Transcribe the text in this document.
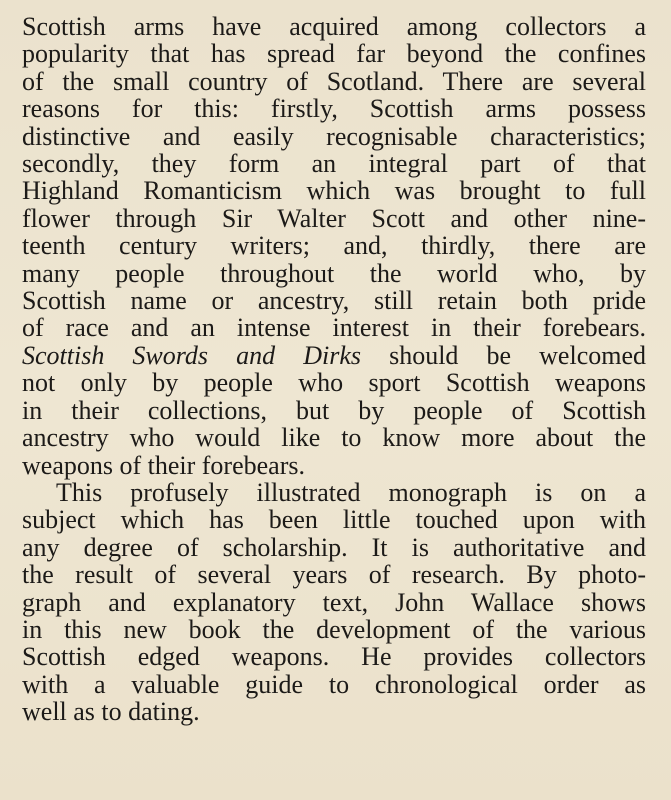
Scottish arms have acquired among collectors a
popularity that has spread far beyond the confines
of the small country of Scotland. There are several
reasons for this: firstly, Scottish arms possess
distinctive and easily recognisable characteristics;
secondly, they form an integral part of that
Highland Romanticism which was brought to full
flower through Sir Walter Scott and other nine-
teenth century writers; and, thirdly, there are
many people throughout the world who, by
Scottish name or ancestry, still retain both pride
of race and an intense interest in their forebears.
Scottish Swords and Dirks should be welcomed
not only by people who sport Scottish weapons
in their collections, but by people of Scottish
ancestry who would like to know more about the
weapons of their forebears.
This profusely illustrated monograph is on a
subject which has been little touched upon with
any degree of scholarship. It is authoritative and
the result of several years of research. By photo-
graph and explanatory text, John Wallace shows
in this new book the development of the various
Scottish edged weapons. He provides collectors
with a valuable guide to chronological order as
well as to dating.
